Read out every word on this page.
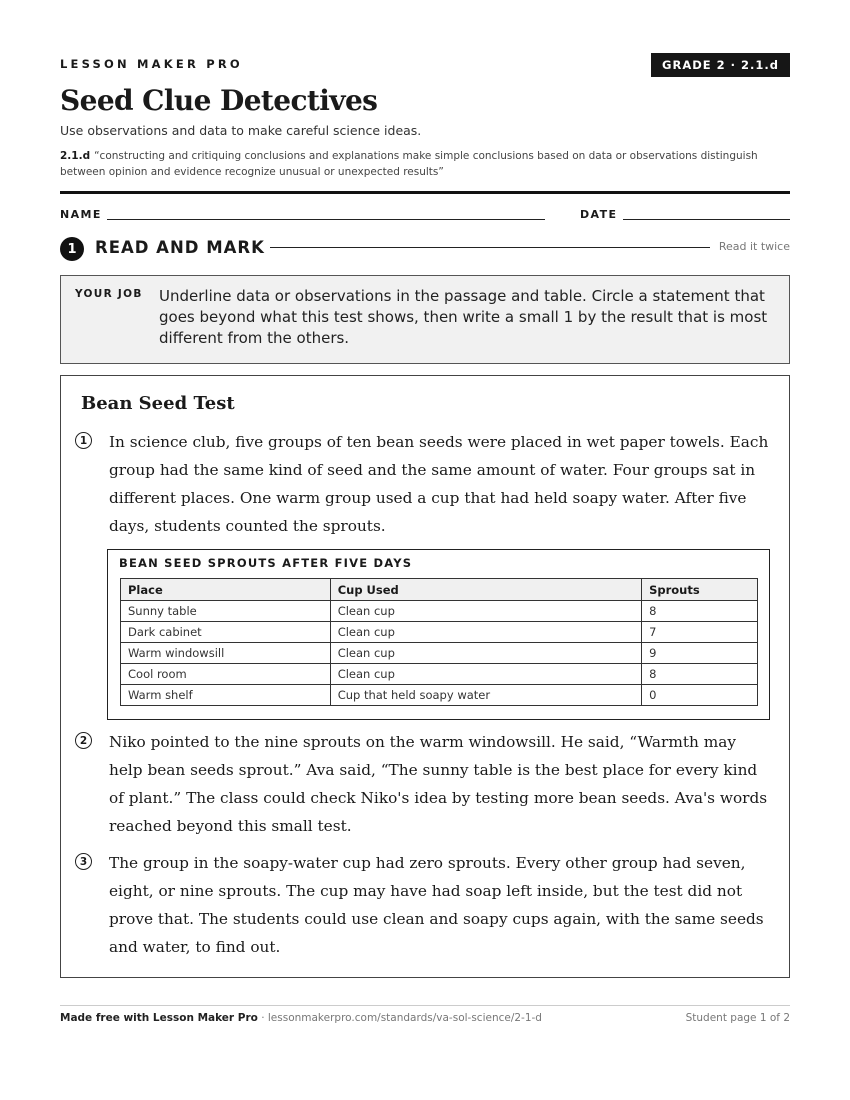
LESSON MAKER PRO	GRADE 2 · 2.1.d
Seed Clue Detectives
Use observations and data to make careful science ideas.
2.1.d “constructing and critiquing conclusions and explanations make simple conclusions based on data or observations distinguish between opinion and evidence recognize unusual or unexpected results”
NAME	DATE
1	READ AND MARK	Read it twice
YOUR JOB Underline data or observations in the passage and table. Circle a statement that goes beyond what this test shows, then write a small 1 by the result that is most different from the others.
Bean Seed Test
1	In science club, five groups of ten bean seeds were placed in wet paper towels. Each group had the same kind of seed and the same amount of water. Four groups sat in different places. One warm group used a cup that had held soapy water. After five days, students counted the sprouts.
BEAN SEED SPROUTS AFTER FIVE DAYS
Place	Cup Used	Sprouts
Sunny table	Clean cup	8
Dark cabinet	Clean cup	7
Warm windowsill	Clean cup	9
Cool room	Clean cup	8
Warm shelf	Cup that held soapy water	0
2	Niko pointed to the nine sprouts on the warm windowsill. He said, “Warmth may help bean seeds sprout.” Ava said, “The sunny table is the best place for every kind of plant.” The class could check Niko's idea by testing more bean seeds. Ava's words reached beyond this small test.
3	The group in the soapy-water cup had zero sprouts. Every other group had seven, eight, or nine sprouts. The cup may have had soap left inside, but the test did not prove that. The students could use clean and soapy cups again, with the same seeds and water, to find out.
Made free with Lesson Maker Pro · lessonmakerpro.com/standards/va-sol-science/2-1-d	Student page 1 of 2
